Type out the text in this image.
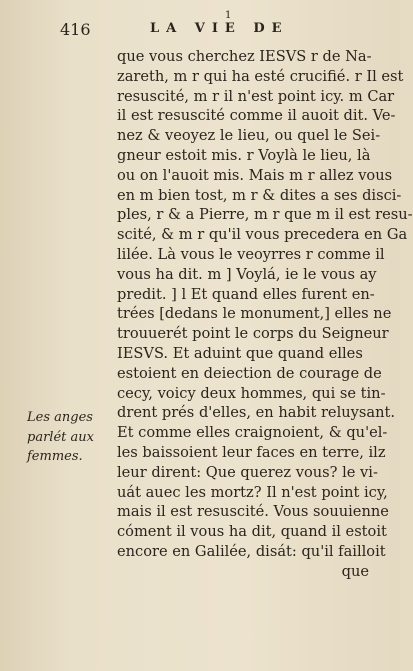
416	LA VIE DE
1
que vous cherchez IESVS r de Na-
zareth, m r qui ha esté crucifié. r Il est
resuscité, m r il n'est point icy. m Car
il est resuscité comme il auoit dit. Ve-
nez & veoyez le lieu, ou quel le Sei-
gneur estoit mis. r Voylà le lieu, là
ou on l'auoit mis. Mais m r allez vous
en m bien tost, m r & dites a ses disci-
ples, r & a Pierre, m r que m il est resu-
scité, & m r qu'il vous precedera en Ga
lilée. Là vous le veoyrres r comme il
vous ha dit. m ] Voylá, ie le vous ay
predit. ] l Et quand elles furent en-
trées [dedans le monument,] elles ne
trouuerét point le corps du Seigneur
IESVS. Et aduint que quand elles
estoient en deiection de courage de
cecy, voicy deux hommes, qui se tin-
drent prés d'elles, en habit reluysant.
Et comme elles craignoient, & qu'el-
les baissoient leur faces en terre, ilz
leur dirent: Que querez vous? le vi-
uát auec les mortz? Il n'est point icy,
mais il est resuscité. Vous souuienne
cóment il vous ha dit, quand il estoit
encore en Galilée, disát: qu'il failloit
que
Les anges
parlét aux
femmes.
